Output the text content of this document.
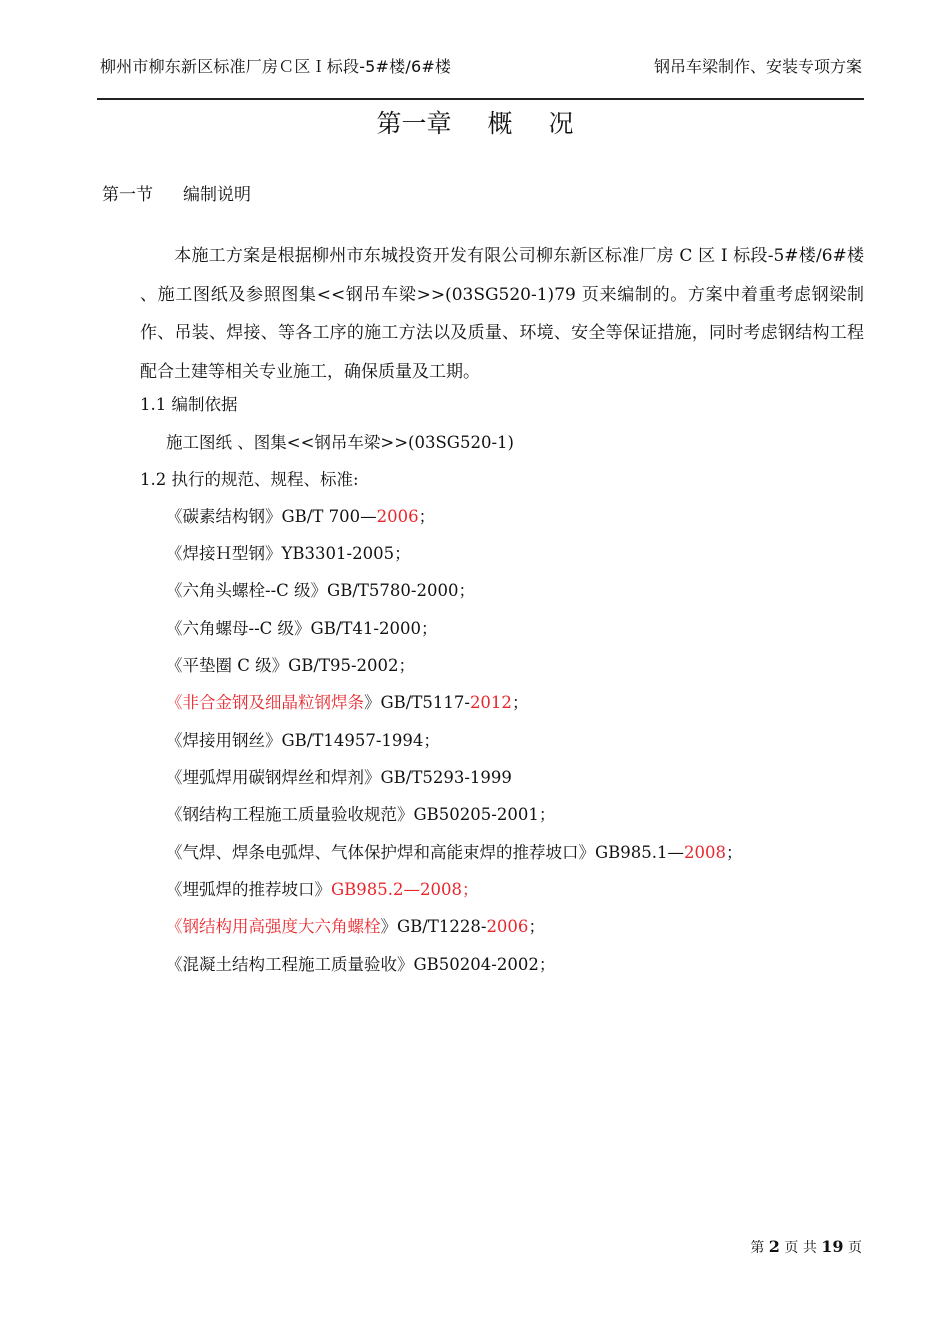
柳州市柳东新区标准厂房Ｃ区Ｉ标段-5#楼/6#楼	钢吊车梁制作、安装专项方案
第一章 概 况
第一节 编制说明
本施工方案是根据柳州市东城投资开发有限公司柳东新区标准厂房 C 区 I 标段-5#楼/6#楼 、施工图纸及参照图集<<钢吊车梁>>(03SG520-1)79 页来编制的。方案中着重考虑钢梁制作、吊装、焊接、等各工序的施工方法以及质量、环境、安全等保证措施，同时考虑钢结构工程配合土建等相关专业施工，确保质量及工期。
1.1 编制依据
施工图纸 、图集<<钢吊车梁>>(03SG520-1)
1.2 执行的规范、规程、标准:
《碳素结构钢》GB/T 700—2006；
《焊接Ｈ型钢》YB3301-2005；
《六角头螺栓--C 级》GB/T5780-2000；
《六角螺母--C 级》GB/T41-2000；
《平垫圈 C 级》GB/T95-2002；
《非合金钢及细晶粒钢焊条》GB/T5117-2012；
《焊接用钢丝》GB/T14957-1994；
《埋弧焊用碳钢焊丝和焊剂》GB/T5293-1999
《钢结构工程施工质量验收规范》GB50205-2001；
《气焊、焊条电弧焊、气体保护焊和高能束焊的推荐坡口》GB985.1—2008；
《埋弧焊的推荐坡口》GB985.2—2008；
《钢结构用高强度大六角螺栓》GB/T1228-2006；
《混凝土结构工程施工质量验收》GB50204-2002；
第 2 页 共 19 页
